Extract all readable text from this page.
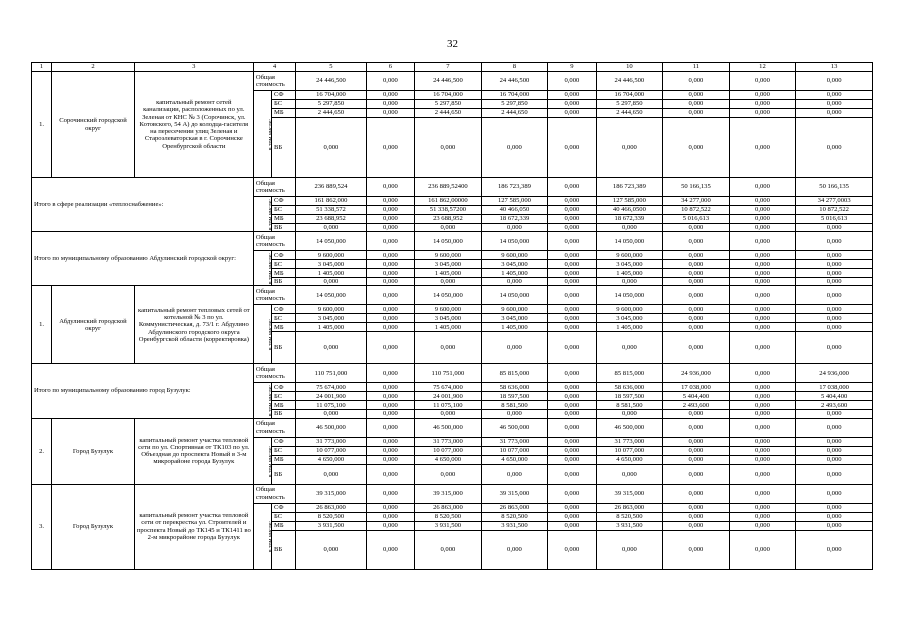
32
1	2	3	4		5	6	7	8	9	10	11	12	13
1.	Сорочинский городской округ	капитальный ремонт сетей канализации, расположенных по ул. Зеленая от КНС № 3 (Сорочинск, ул. Котовского, 54 А) до колодца-гасителя на пересечении улиц Зеленая и Староэлеваторская в г. Сорочинске Оренбургской области	Общая стоимость		24 446,500	0,000	24 446,500	24 446,500	0,000	24 446,500	0,000	0,000	0,000
			в том числе:	СФ	16 704,000	0,000	16 704,000	16 704,000	0,000	16 704,000	0,000	0,000	0,000
				БС	5 297,850	0,000	5 297,850	5 297,850	0,000	5 297,850	0,000	0,000	0,000
				МБ	2 444,650	0,000	2 444,650	2 444,650	0,000	2 444,650	0,000	0,000	0,000
				ВБ	0,000	0,000	0,000	0,000	0,000	0,000	0,000	0,000	0,000
Итого в сфере реализации «теплоснабжение»:			Общая стоимость		236 889,524	0,000	236 889,52400	186 723,389	0,000	186 723,389	50 166,135	0,000	50 166,135
			в том числе:	СФ	161 862,000	0,000	161 862,00000	127 585,000	0,000	127 585,000	34 277,000	0,000	34 277,0003
				БС	51 338,572	0,000	51 338,57200	40 466,050	0,000	40 466,0500	10 872,522	0,000	10 872,522
				МБ	23 688,952	0,000	23 688,952	18 672,339	0,000	18 672,339	5 016,613	0,000	5 016,613
				ВБ	0,000	0,000	0,000	0,000	0,000	0,000	0,000	0,000	0,000
Итого по муниципальному образованию Абдулинский городской округ:			Общая стоимость		14 050,000	0,000	14 050,000	14 050,000	0,000	14 050,000	0,000	0,000	0,000
			в том числе:	СФ	9 600,000	0,000	9 600,000	9 600,000	0,000	9 600,000	0,000	0,000	0,000
				БС	3 045,000	0,000	3 045,000	3 045,000	0,000	3 045,000	0,000	0,000	0,000
				МБ	1 405,000	0,000	1 405,000	1 405,000	0,000	1 405,000	0,000	0,000	0,000
				ВБ	0,000	0,000	0,000	0,000	0,000	0,000	0,000	0,000	0,000
1.	Абдулинский городской округ	капитальный ремонт тепловых сетей от котельной № 3 по ул. Коммунистическая, д. 73/1 г. Абдулино Абдулинского городского округа Оренбургской области (корректировка)	Общая стоимость		14 050,000	0,000	14 050,000	14 050,000	0,000	14 050,000	0,000	0,000	0,000
			в том числе:	СФ	9 600,000	0,000	9 600,000	9 600,000	0,000	9 600,000	0,000	0,000	0,000
				БС	3 045,000	0,000	3 045,000	3 045,000	0,000	3 045,000	0,000	0,000	0,000
				МБ	1 405,000	0,000	1 405,000	1 405,000	0,000	1 405,000	0,000	0,000	0,000
				ВБ	0,000	0,000	0,000	0,000	0,000	0,000	0,000	0,000	0,000
Итого по муниципальному образованию город Бузулук:			Общая стоимость		110 751,000	0,000	110 751,000	85 815,000	0,000	85 815,000	24 936,000	0,000	24 936,000
			в том числе:	СФ	75 674,000	0,000	75 674,000	58 636,000	0,000	58 636,000	17 038,000	0,000	17 038,000
				БС	24 001,900	0,000	24 001,900	18 597,500	0,000	18 597,500	5 404,400	0,000	5 404,400
				МБ	11 075,100	0,000	11 075,100	8 581,500	0,000	8 581,500	2 493,600	0,000	2 493,600
				ВБ	0,000	0,000	0,000	0,000	0,000	0,000	0,000	0,000	0,000
2.	Город Бузулук	капитальный ремонт участка тепловой сети по ул. Спортивная от ТК103 по ул. Объездная до проспекта Новый в 3-м микрорайоне города Бузулук	Общая стоимость		46 500,000	0,000	46 500,000	46 500,000	0,000	46 500,000	0,000	0,000	0,000
			в том числе:	СФ	31 773,000	0,000	31 773,000	31 773,000	0,000	31 773,000	0,000	0,000	0,000
				БС	10 077,000	0,000	10 077,000	10 077,000	0,000	10 077,000	0,000	0,000	0,000
				МБ	4 650,000	0,000	4 650,000	4 650,000	0,000	4 650,000	0,000	0,000	0,000
				ВБ	0,000	0,000	0,000	0,000	0,000	0,000	0,000	0,000	0,000
3.	Город Бузулук	капитальный ремонт участка тепловой сети от перекрестка ул. Строителей и проспекта Новый до ТК145 и ТК1411 во 2-м микрорайоне города Бузулук	Общая стоимость		39 315,000	0,000	39 315,000	39 315,000	0,000	39 315,000	0,000	0,000	0,000
			в том числе:	СФ	26 863,000	0,000	26 863,000	26 863,000	0,000	26 863,000	0,000	0,000	0,000
				БС	8 520,500	0,000	8 520,500	8 520,500	0,000	8 520,500	0,000	0,000	0,000
				МБ	3 931,500	0,000	3 931,500	3 931,500	0,000	3 931,500	0,000	0,000	0,000
				ВБ	0,000	0,000	0,000	0,000	0,000	0,000	0,000	0,000	0,000
